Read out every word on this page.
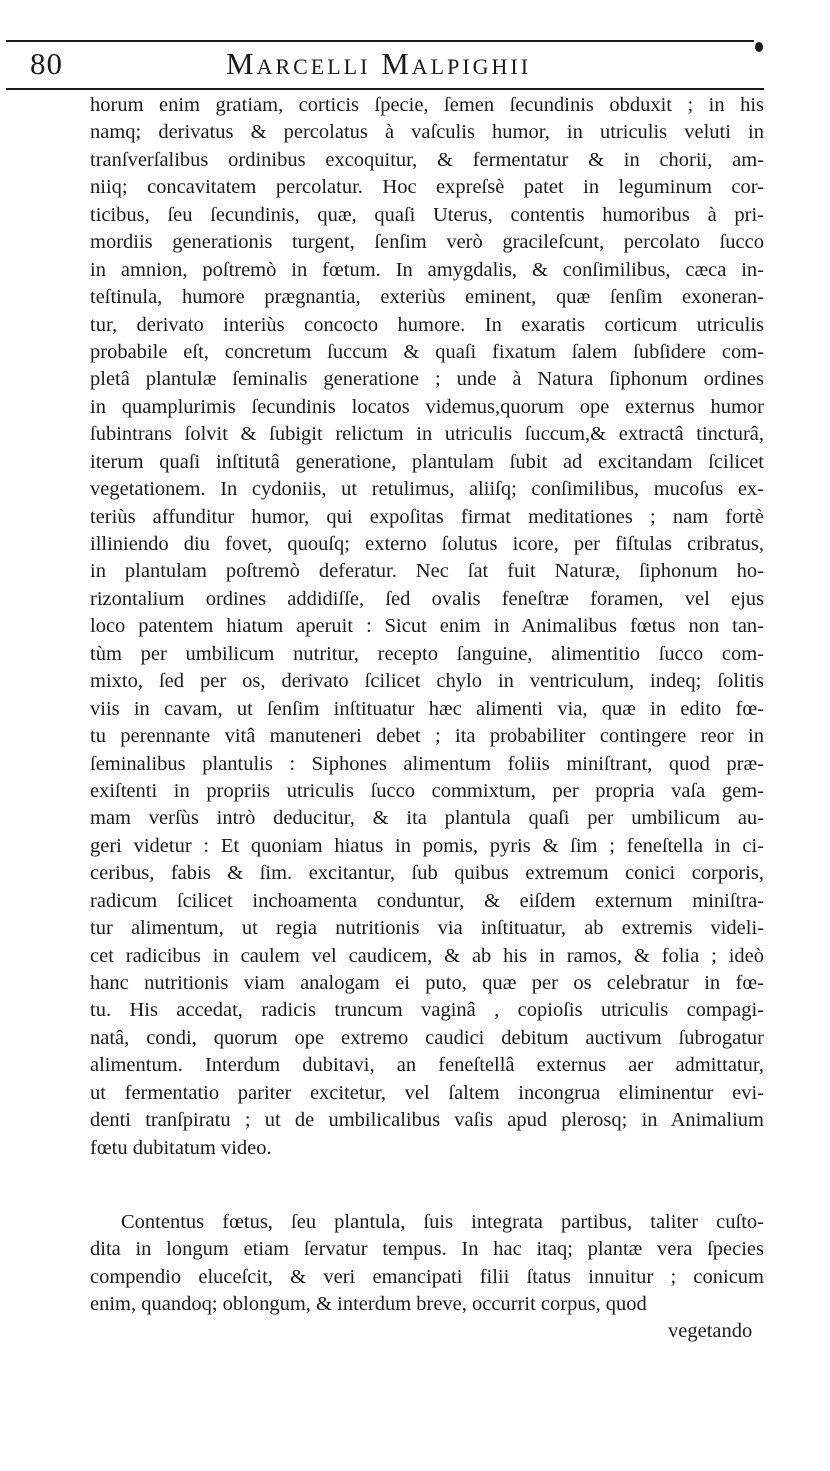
80	Marcelli Malpighii
horum enim gratiam, corticis ſpecie, ſemen ſecundinis obduxit ; in his
namq; derivatus & percolatus à vaſculis humor, in utriculis veluti in
tranſverſalibus ordinibus excoquitur, & fermentatur & in chorii, am-
niiq; concavitatem percolatur. Hoc expreſsè patet in leguminum cor-
ticibus, ſeu ſecundinis, quæ, quaſi Uterus, contentis humoribus à pri-
mordiis generationis turgent, ſenſim verò gracileſcunt, percolato ſucco
in amnion, poſtremò in fœtum. In amygdalis, & conſimilibus, cæca in-
teſtinula, humore prægnantia, exteriùs eminent, quæ ſenſim exoneran-
tur, derivato interiùs concocto humore. In exaratis corticum utriculis
probabile eſt, concretum ſuccum & quaſi fixatum ſalem ſubſidere com-
pletâ plantulæ ſeminalis generatione ; unde à Natura ſiphonum ordines
in quamplurimis ſecundinis locatos videmus,quorum ope externus humor
ſubintrans ſolvit & ſubigit relictum in utriculis ſuccum,& extractâ tincturâ,
iterum quaſi inſtitutâ generatione, plantulam ſubit ad excitandam ſcilicet
vegetationem. In cydoniis, ut retulimus, aliiſq; conſimilibus, mucoſus ex-
teriùs affunditur humor, qui expoſitas firmat meditationes ; nam fortè
illiniendo diu fovet, quouſq; externo ſolutus icore, per fiſtulas cribratus,
in plantulam poſtremò deferatur. Nec ſat fuit Naturæ, ſiphonum ho-
rizontalium ordines addidiſſe, ſed ovalis feneſtræ foramen, vel ejus
loco patentem hiatum aperuit : Sicut enim in Animalibus fœtus non tan-
tùm per umbilicum nutritur, recepto ſanguine, alimentitio ſucco com-
mixto, ſed per os, derivato ſcilicet chylo in ventriculum, indeq; ſolitis
viis in cavam, ut ſenſim inſtituatur hæc alimenti via, quæ in edito fœ-
tu perennante vitâ manuteneri debet ; ita probabiliter contingere reor in
ſeminalibus plantulis : Siphones alimentum foliis miniſtrant, quod præ-
exiſtenti in propriis utriculis ſucco commixtum, per propria vaſa gem-
mam verſùs intrò deducitur, & ita plantula quaſi per umbilicum au-
geri videtur : Et quoniam hiatus in pomis, pyris & ſim ; feneſtella in ci-
ceribus, fabis & ſim. excitantur, ſub quibus extremum conici corporis,
radicum ſcilicet inchoamenta conduntur, & eiſdem externum miniſtra-
tur alimentum, ut regia nutritionis via inſtituatur, ab extremis videli-
cet radicibus in caulem vel caudicem, & ab his in ramos, & folia ; ideò
hanc nutritionis viam analogam ei puto, quæ per os celebratur in fœ-
tu. His accedat, radicis truncum vaginâ , copioſis utriculis compagi-
natâ, condi, quorum ope extremo caudici debitum auctivum ſubrogatur
alimentum. Interdum dubitavi, an feneſtellâ externus aer admittatur,
ut fermentatio pariter excitetur, vel ſaltem incongrua eliminentur evi-
denti tranſpiratu ; ut de umbilicalibus vaſis apud plerosq; in Animalium
fœtu dubitatum video.
Contentus fœtus, ſeu plantula, ſuis integrata partibus, taliter cuſto-
dita in longum etiam ſervatur tempus. In hac itaq; plantæ vera ſpecies
compendio eluceſcit, & veri emancipati filii ſtatus innuitur ; conicum
enim, quandoq; oblongum, & interdum breve, occurrit corpus, quod
vegetando
